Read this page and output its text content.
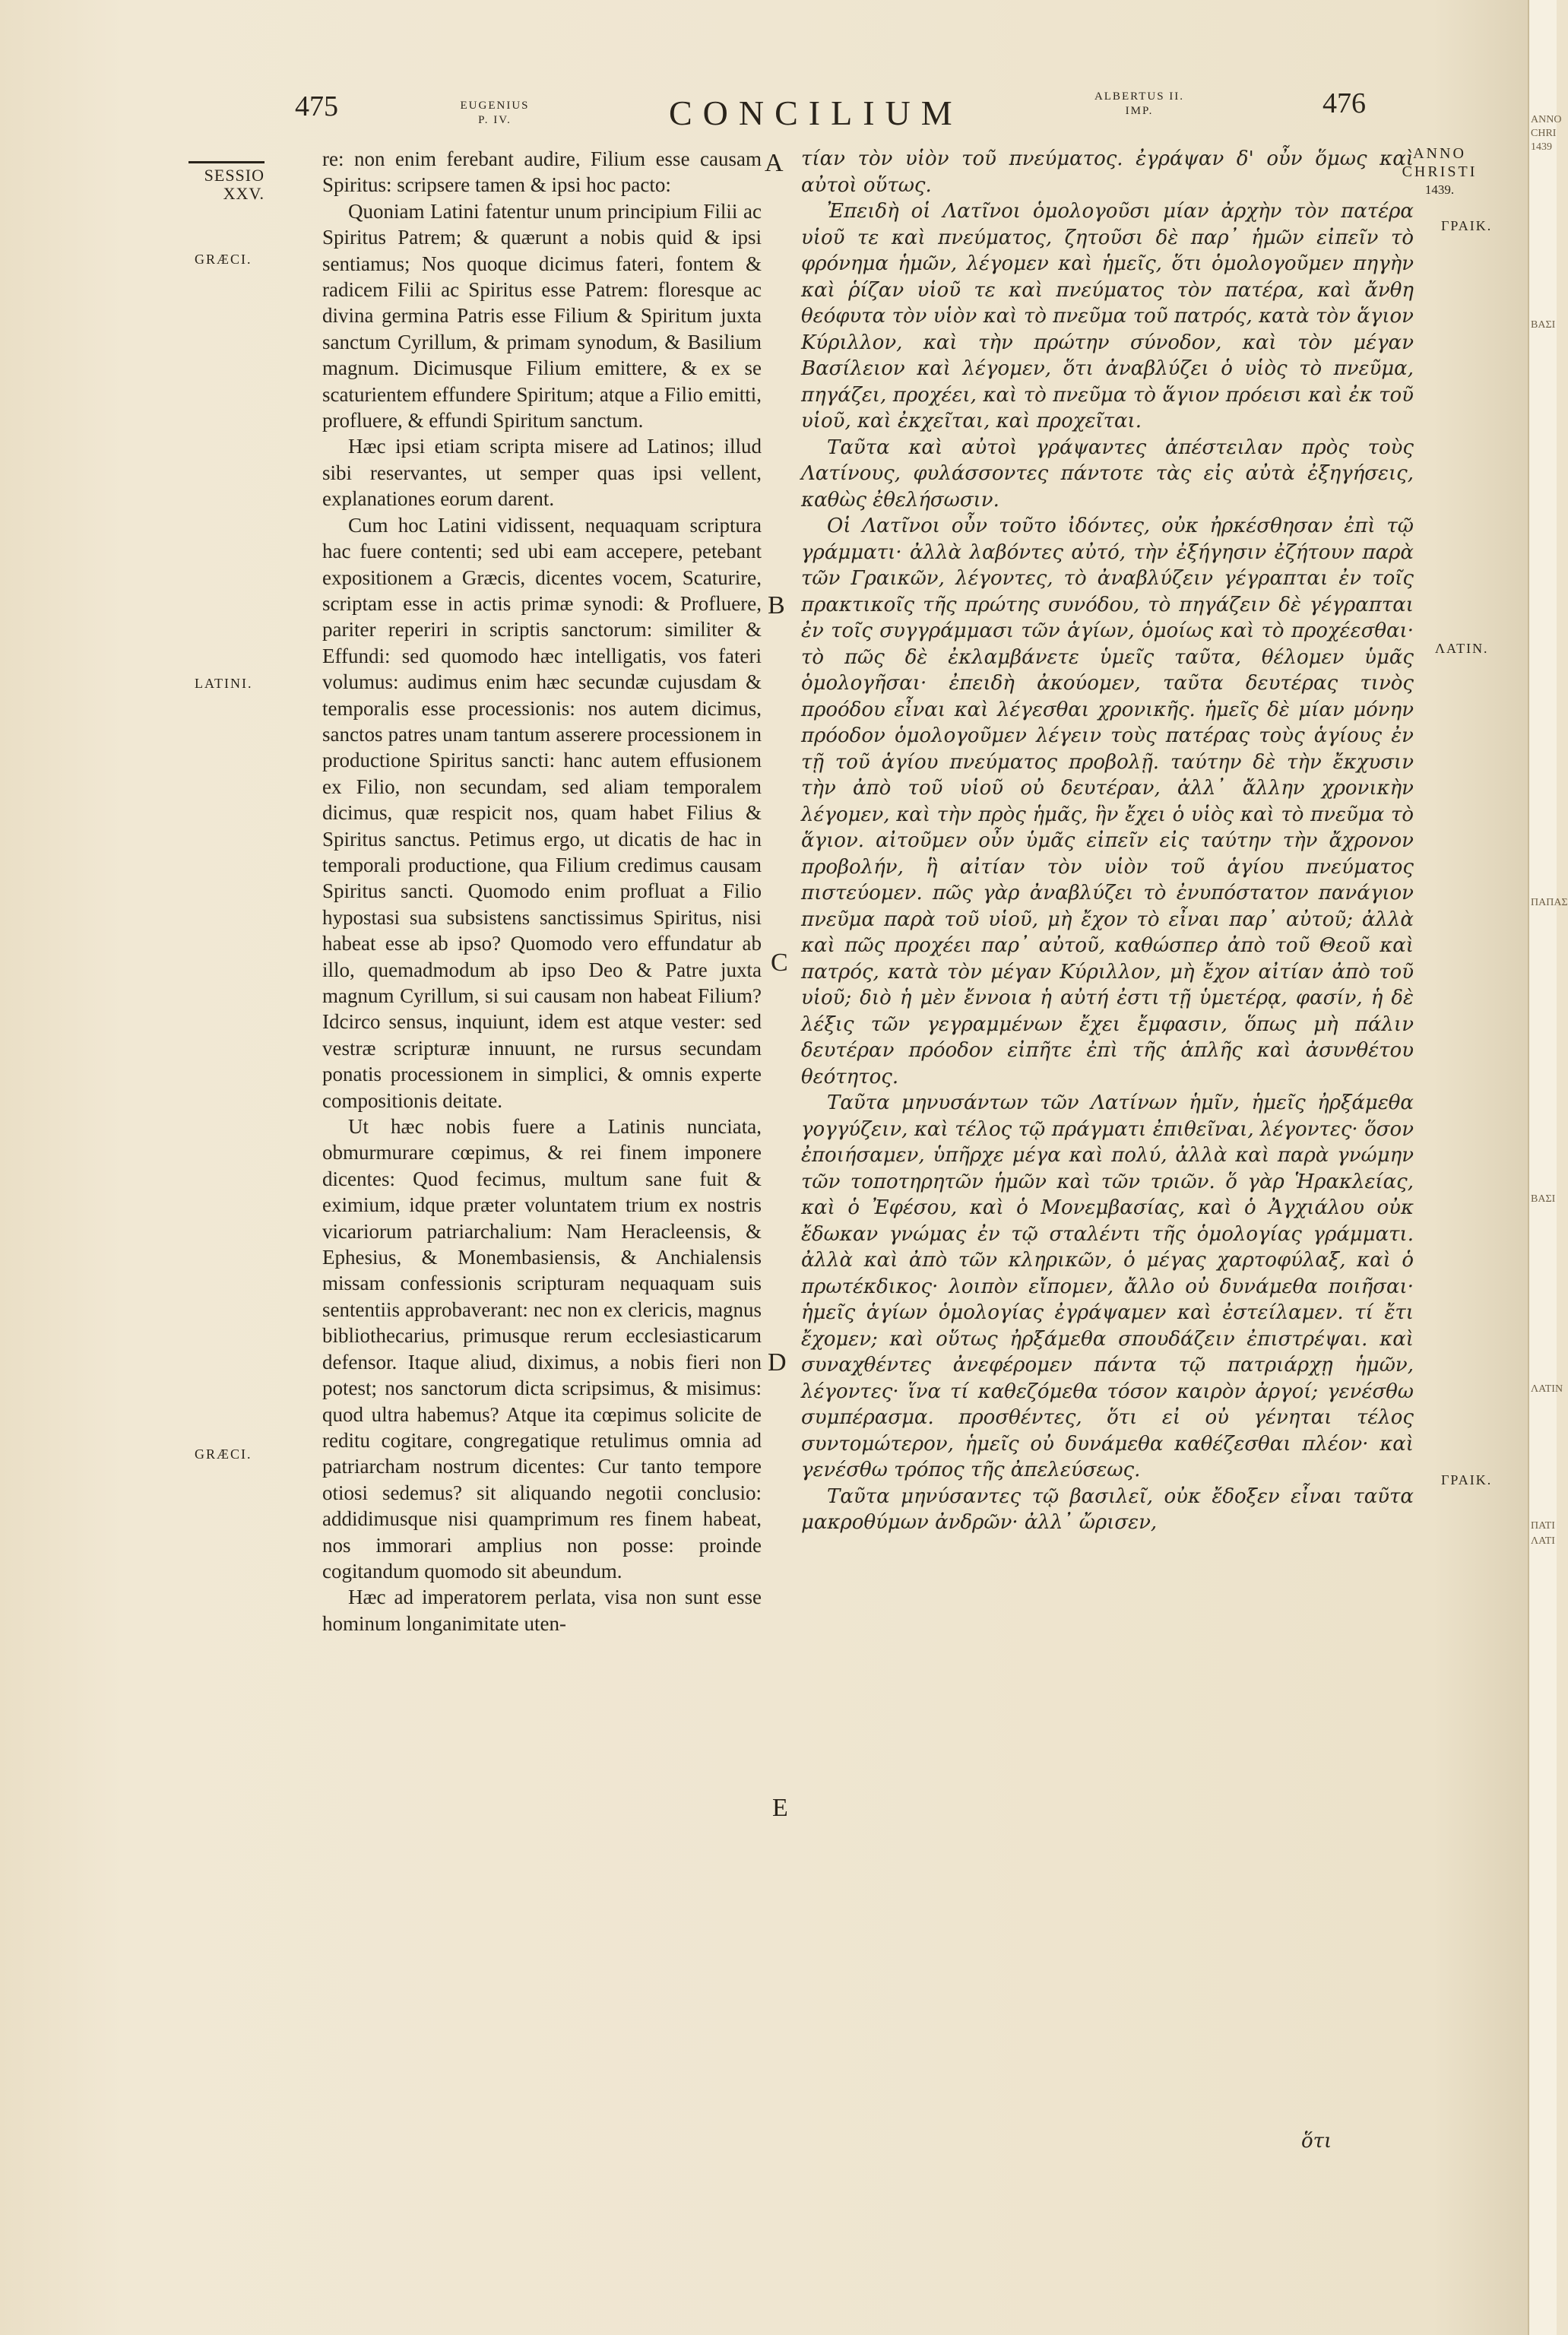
ANNO
CHRI
1439
ΒΑΣΙ
ΠΑΠΑΣ
ΒΑΣΙ
ΛΑΤΙΝ
ΠΑΤΙ
ΛΑΤΙ
475	EUGENIUS
P. IV.	CONCILIUM	ALBERTUS II.
IMP.	476
SESSIO
XXV.
ANNO
CHRISTI
1439.
GRÆCI.
LATINI.
GRÆCI.
ΓΡΑΙΚ.
ΛΑΤΙΝ.
ΓΡΑΙΚ.
A
B
C
D
E

re: non enim ferebant audire, Filium esse causam Spiritus: scripsere tamen & ipsi hoc pacto:

Quoniam Latini fatentur unum principium Filii ac Spiritus Patrem; & quærunt a nobis quid & ipsi sentiamus; Nos quoque dicimus fateri, fontem & radicem Filii ac Spiritus esse Patrem: floresque ac divina germina Patris esse Filium & Spiritum juxta sanctum Cyrillum, & primam synodum, & Basilium magnum. Dicimusque Filium emittere, & ex se scaturientem effundere Spiritum; atque a Filio emitti, profluere, & effundi Spiritum sanctum.

Hæc ipsi etiam scripta misere ad Latinos; illud sibi reservantes, ut semper quas ipsi vellent, explanationes eorum darent.

Cum hoc Latini vidissent, nequaquam scriptura hac fuere contenti; sed ubi eam accepere, petebant expositionem a Græcis, dicentes vocem, Scaturire, scriptam esse in actis primæ synodi: & Profluere, pariter reperiri in scriptis sanctorum: similiter & Effundi: sed quomodo hæc intelligatis, vos fateri volumus: audimus enim hæc secundæ cujusdam & temporalis esse processionis: nos autem dicimus, sanctos patres unam tantum asserere processionem in productione Spiritus sancti: hanc autem effusionem ex Filio, non secundam, sed aliam temporalem dicimus, quæ respicit nos, quam habet Filius & Spiritus sanctus. Petimus ergo, ut dicatis de hac in temporali productione, qua Filium credimus causam Spiritus sancti. Quomodo enim profluat a Filio hypostasi sua subsistens sanctissimus Spiritus, nisi habeat esse ab ipso? Quomodo vero effundatur ab illo, quemadmodum ab ipso Deo & Patre juxta magnum Cyrillum, si sui causam non habeat Filium? Idcirco sensus, inquiunt, idem est atque vester: sed vestræ scripturæ innuunt, ne rursus secundam ponatis processionem in simplici, & omnis experte compositionis deitate.

Ut hæc nobis fuere a Latinis nunciata, obmurmurare cœpimus, & rei finem imponere dicentes: Quod fecimus, multum sane fuit & eximium, idque præter voluntatem trium ex nostris vicariorum patriarchalium: Nam Heracleensis, & Ephesius, & Monembasiensis, & Anchialensis missam confessionis scripturam nequaquam suis sententiis approbaverant: nec non ex clericis, magnus bibliothecarius, primusque rerum ecclesiasticarum defensor. Itaque aliud, diximus, a nobis fieri non potest; nos sanctorum dicta scripsimus, & misimus: quod ultra habemus? Atque ita cœpimus solicite de reditu cogitare, congregatique retulimus omnia ad patriarcham nostrum dicentes: Cur tanto tempore otiosi sedemus? sit aliquando negotii conclusio: addidimusque nisi quamprimum res finem habeat, nos immorari amplius non posse: proinde cogitandum quomodo sit abeundum.

Hæc ad imperatorem perlata, visa non sunt esse hominum longanimitate uten-

τίαν τὸν υἱὸν τοῦ πνεύματος. ἐγράψαν δ' οὖν ὅμως καὶ αὐτοὶ οὕτως.

Ἐπειδὴ οἱ Λατῖνοι ὁμολογοῦσι μίαν ἀρχὴν τὸν πατέρα υἱοῦ τε καὶ πνεύματος, ζητοῦσι δὲ παρ᾽ ἡμῶν εἰπεῖν τὸ φρόνημα ἡμῶν, λέγομεν καὶ ἡμεῖς, ὅτι ὁμολογοῦμεν πηγὴν καὶ ῥίζαν υἱοῦ τε καὶ πνεύματος τὸν πατέρα, καὶ ἄνθη θεόφυτα τὸν υἱὸν καὶ τὸ πνεῦμα τοῦ πατρός, κατὰ τὸν ἅγιον Κύριλλον, καὶ τὴν πρώτην σύνοδον, καὶ τὸν μέγαν Βασίλειον καὶ λέγομεν, ὅτι ἀναβλύζει ὁ υἱὸς τὸ πνεῦμα, πηγάζει, προχέει, καὶ τὸ πνεῦμα τὸ ἅγιον πρόεισι καὶ ἐκ τοῦ υἱοῦ, καὶ ἐκχεῖται, καὶ προχεῖται.

Ταῦτα καὶ αὐτοὶ γράψαντες ἀπέστειλαν πρὸς τοὺς Λατίνους, φυλάσσοντες πάντοτε τὰς εἰς αὐτὰ ἐξηγήσεις, καθὼς ἐθελήσωσιν.

Οἱ Λατῖνοι οὖν τοῦτο ἰδόντες, οὐκ ἠρκέσθησαν ἐπὶ τῷ γράμματι· ἀλλὰ λαβόντες αὐτό, τὴν ἐξήγησιν ἐζήτουν παρὰ τῶν Γραικῶν, λέγοντες, τὸ ἀναβλύζειν γέγραπται ἐν τοῖς πρακτικοῖς τῆς πρώτης συνόδου, τὸ πηγάζειν δὲ γέγραπται ἐν τοῖς συγγράμμασι τῶν ἁγίων, ὁμοίως καὶ τὸ προχέεσθαι· τὸ πῶς δὲ ἐκλαμβάνετε ὑμεῖς ταῦτα, θέλομεν ὑμᾶς ὁμολογῆσαι· ἐπειδὴ ἀκούομεν, ταῦτα δευτέρας τινὸς προόδου εἶναι καὶ λέγεσθαι χρονικῆς. ἡμεῖς δὲ μίαν μόνην πρόοδον ὁμολογοῦμεν λέγειν τοὺς πατέρας τοὺς ἁγίους ἐν τῇ τοῦ ἁγίου πνεύματος προβολῇ. ταύτην δὲ τὴν ἔκχυσιν τὴν ἀπὸ τοῦ υἱοῦ οὐ δευτέραν, ἀλλ᾽ ἄλλην χρονικὴν λέγομεν, καὶ τὴν πρὸς ἡμᾶς, ἣν ἔχει ὁ υἱὸς καὶ τὸ πνεῦμα τὸ ἅγιον. αἰτοῦμεν οὖν ὑμᾶς εἰπεῖν εἰς ταύτην τὴν ἄχρονον προβολήν, ἣ αἰτίαν τὸν υἱὸν τοῦ ἁγίου πνεύματος πιστεύομεν. πῶς γὰρ ἀναβλύζει τὸ ἐνυπόστατον πανάγιον πνεῦμα παρὰ τοῦ υἱοῦ, μὴ ἔχον τὸ εἶναι παρ᾽ αὐτοῦ; ἀλλὰ καὶ πῶς προχέει παρ᾽ αὐτοῦ, καθώσπερ ἀπὸ τοῦ Θεοῦ καὶ πατρός, κατὰ τὸν μέγαν Κύριλλον, μὴ ἔχον αἰτίαν ἀπὸ τοῦ υἱοῦ; διὸ ἡ μὲν ἔννοια ἡ αὐτή ἐστι τῇ ὑμετέρᾳ, φασίν, ἡ δὲ λέξις τῶν γεγραμμένων ἔχει ἔμφασιν, ὅπως μὴ πάλιν δευτέραν πρόοδον εἰπῆτε ἐπὶ τῆς ἁπλῆς καὶ ἀσυνθέτου θεότητος.

Ταῦτα μηνυσάντων τῶν Λατίνων ἡμῖν, ἡμεῖς ἠρξάμεθα γογγύζειν, καὶ τέλος τῷ πράγματι ἐπιθεῖναι, λέγοντες· ὅσον ἐποιήσαμεν, ὑπῆρχε μέγα καὶ πολύ, ἀλλὰ καὶ παρὰ γνώμην τῶν τοποτηρητῶν ἡμῶν καὶ τῶν τριῶν. ὅ γὰρ Ἡρακλείας, καὶ ὁ Ἐφέσου, καὶ ὁ Μονεμβασίας, καὶ ὁ Ἀγχιάλου οὐκ ἔδωκαν γνώμας ἐν τῷ σταλέντι τῆς ὁμολογίας γράμματι. ἀλλὰ καὶ ἀπὸ τῶν κληρικῶν, ὁ μέγας χαρτοφύλαξ, καὶ ὁ πρωτέκδικος· λοιπὸν εἴπομεν, ἄλλο οὐ δυνάμεθα ποιῆσαι· ἡμεῖς ἁγίων ὁμολογίας ἐγράψαμεν καὶ ἐστείλαμεν. τί ἔτι ἔχομεν; καὶ οὕτως ἠρξάμεθα σπουδάζειν ἐπιστρέψαι. καὶ συναχθέντες ἀνεφέρομεν πάντα τῷ πατριάρχῃ ἡμῶν, λέγοντες· ἵνα τί καθεζόμεθα τόσον καιρὸν ἀργοί; γενέσθω συμπέρασμα. προσθέντες, ὅτι εἰ οὐ γένηται τέλος συντομώτερον, ἡμεῖς οὐ δυνάμεθα καθέζεσθαι πλέον· καὶ γενέσθω τρόπος τῆς ἀπελεύσεως.

Ταῦτα μηνύσαντες τῷ βασιλεῖ, οὐκ ἔδοξεν εἶναι ταῦτα μακροθύμων ἀνδρῶν· ἀλλ᾽ ὤρισεν,

ὅτι
